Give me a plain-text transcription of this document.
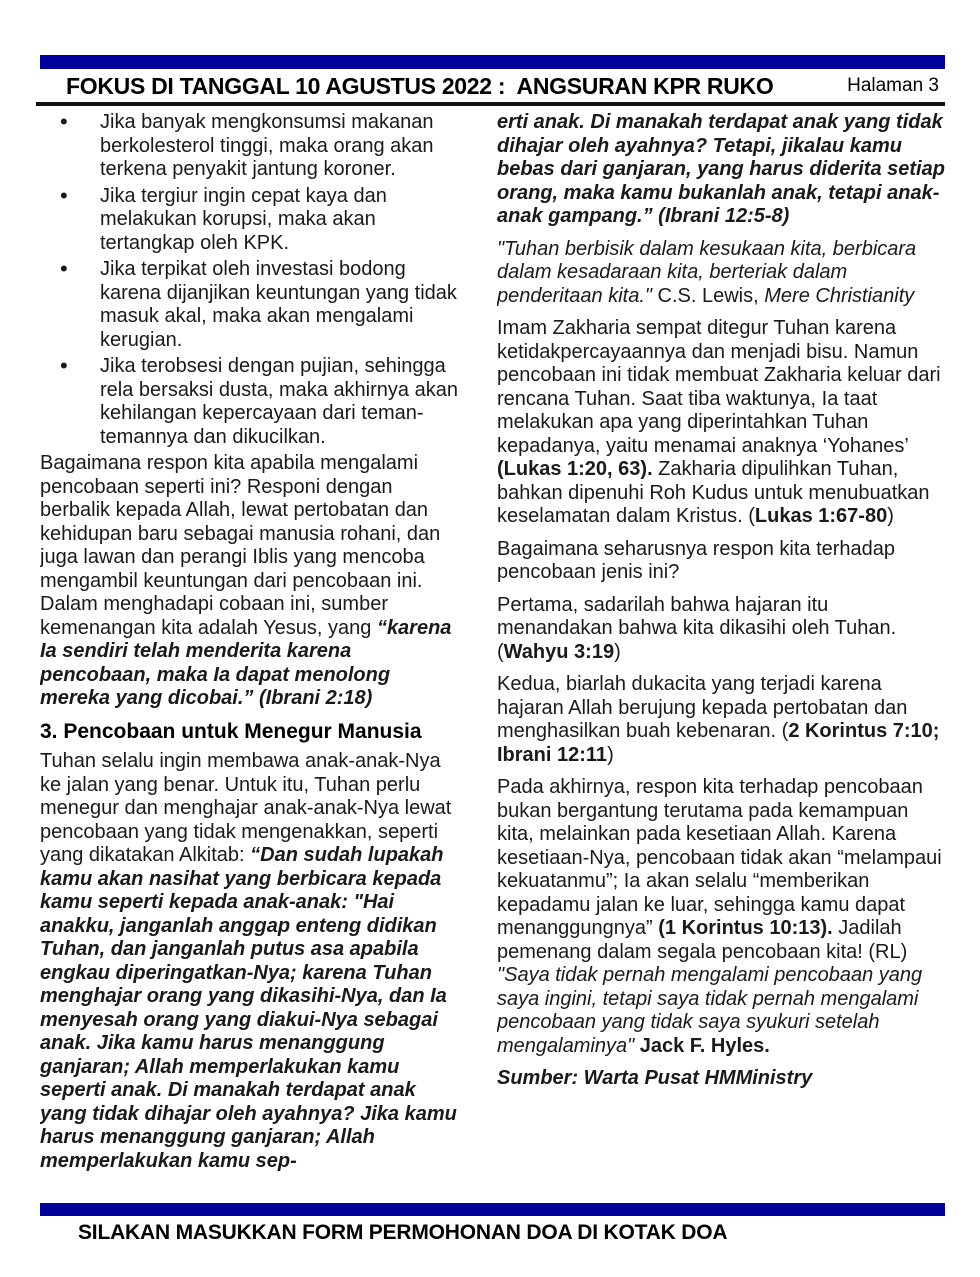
FOKUS DI TANGGAL 10 AGUSTUS 2022 :  ANGSURAN KPR RUKO	Halaman 3
• Jika banyak mengkonsumsi makanan berkolesterol tinggi, maka orang akan terkena penyakit jantung koroner.
• Jika tergiur ingin cepat kaya dan melakukan korupsi, maka akan tertangkap oleh KPK.
• Jika terpikat oleh investasi bodong karena dijanjikan keuntungan yang tidak masuk akal, maka akan mengalami kerugian.
• Jika terobsesi dengan pujian, sehingga rela bersaksi dusta, maka akhirnya akan kehilangan kepercayaan dari teman-temannya dan dikucilkan.

Bagaimana respon kita apabila mengalami pencobaan seperti ini? Responi dengan berbalik kepada Allah, lewat pertobatan dan kehidupan baru sebagai manusia rohani, dan juga lawan dan perangi Iblis yang mencoba mengambil keuntungan dari pencobaan ini. Dalam menghadapi cobaan ini, sumber kemenangan kita adalah Yesus, yang “karena Ia sendiri telah menderita karena pencobaan, maka Ia dapat menolong mereka yang dicobai.” (Ibrani 2:18)

3. Pencobaan untuk Menegur Manusia

Tuhan selalu ingin membawa anak-anak-Nya ke jalan yang benar. Untuk itu, Tuhan perlu menegur dan menghajar anak-anak-Nya lewat pencobaan yang tidak mengenakkan, seperti yang dikatakan Alkitab: “Dan sudah lupakah kamu akan nasihat yang berbicara kepada kamu seperti kepada anak-anak: "Hai anakku, janganlah anggap enteng didikan Tuhan, dan janganlah putus asa apabila engkau diperingatkan-Nya; karena Tuhan menghajar orang yang dikasihi-Nya, dan Ia menyesah orang yang diakui-Nya sebagai anak. Jika kamu harus menanggung ganjaran; Allah memperlakukan kamu seperti anak. Di manakah terdapat anak yang tidak dihajar oleh ayahnya? Jika kamu harus menanggung ganjaran; Allah memperlakukan kamu sep-

erti anak. Di manakah terdapat anak yang tidak dihajar oleh ayahnya? Tetapi, jikalau kamu bebas dari ganjaran, yang harus diderita setiap orang, maka kamu bukanlah anak, tetapi anak-anak gampang.” (Ibrani 12:5-8)

"Tuhan berbisik dalam kesukaan kita, berbicara dalam kesadaraan kita, berteriak dalam penderitaan kita." C.S. Lewis, Mere Christianity

Imam Zakharia sempat ditegur Tuhan karena ketidakpercayaannya dan menjadi bisu. Namun pencobaan ini tidak membuat Zakharia keluar dari rencana Tuhan. Saat tiba waktunya, Ia taat melakukan apa yang diperintahkan Tuhan kepadanya, yaitu menamai anaknya ‘Yohanes’ (Lukas 1:20, 63). Zakharia dipulihkan Tuhan, bahkan dipenuhi Roh Kudus untuk menubuatkan keselamatan dalam Kristus. (Lukas 1:67-80)

Bagaimana seharusnya respon kita terhadap pencobaan jenis ini?

Pertama, sadarilah bahwa hajaran itu menandakan bahwa kita dikasihi oleh Tuhan. (Wahyu 3:19)

Kedua, biarlah dukacita yang terjadi karena hajaran Allah berujung kepada pertobatan dan menghasilkan buah kebenaran. (2 Korintus 7:10; Ibrani 12:11)

Pada akhirnya, respon kita terhadap pencobaan bukan bergantung terutama pada kemampuan kita, melainkan pada kesetiaan Allah. Karena kesetiaan-Nya, pencobaan tidak akan “melampaui kekuatanmu”; Ia akan selalu “memberikan kepadamu jalan ke luar, sehingga kamu dapat menanggungnya” (1 Korintus 10:13). Jadilah pemenang dalam segala pencobaan kita! (RL) "Saya tidak pernah mengalami pencobaan yang saya ingini, tetapi saya tidak pernah mengalami pencobaan yang tidak saya syukuri setelah mengalaminya" Jack F. Hyles.

Sumber: Warta Pusat HMMinistry

SILAKAN MASUKKAN FORM PERMOHONAN DOA DI KOTAK DOA
